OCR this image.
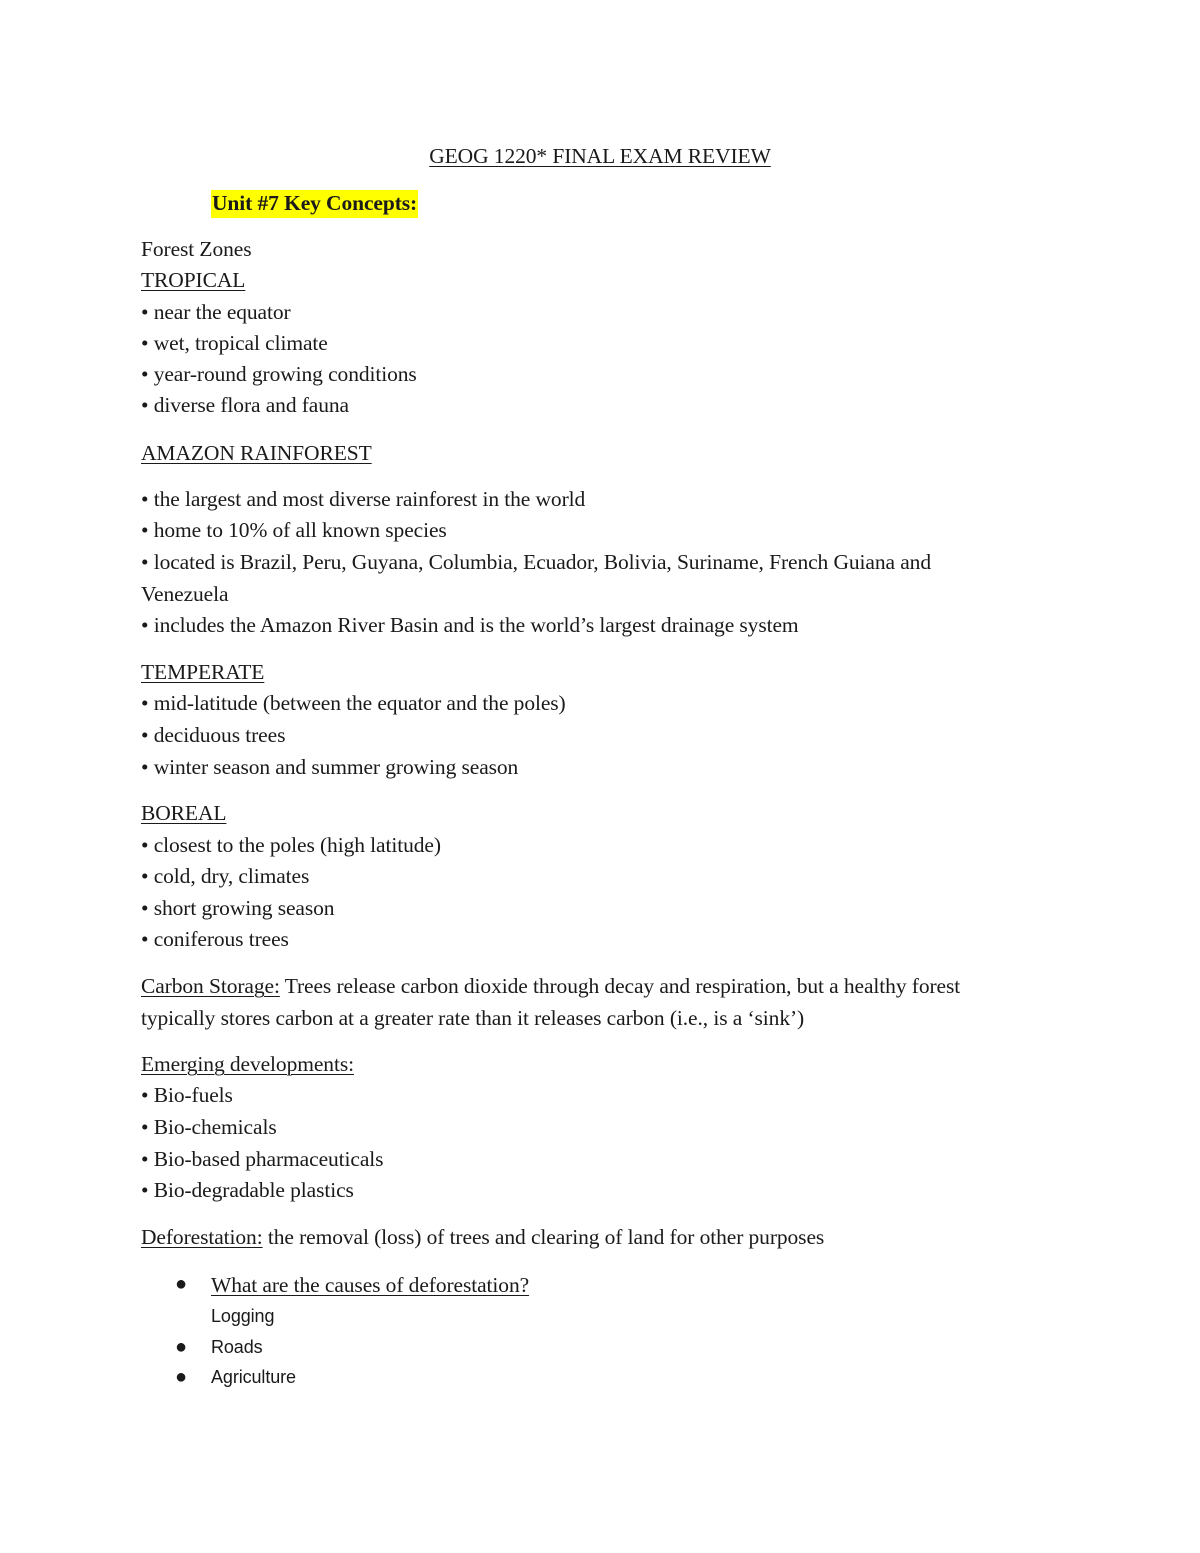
GEOG 1220* FINAL EXAM REVIEW
Unit #7 Key Concepts:
Forest Zones
TROPICAL
• near the equator
• wet, tropical climate
• year-round growing conditions
• diverse flora and fauna
AMAZON RAINFOREST
• the largest and most diverse rainforest in the world
• home to 10% of all known species
• located is Brazil, Peru, Guyana, Columbia, Ecuador, Bolivia, Suriname, French Guiana and
Venezuela
• includes the Amazon River Basin and is the world’s largest drainage system
TEMPERATE
• mid-latitude (between the equator and the poles)
• deciduous trees
• winter season and summer growing season
BOREAL
• closest to the poles (high latitude)
• cold, dry, climates
• short growing season
• coniferous trees
Carbon Storage: Trees release carbon dioxide through decay and respiration, but a healthy forest
typically stores carbon at a greater rate than it releases carbon (i.e., is a ‘sink’)
Emerging developments:
• Bio-fuels
• Bio-chemicals
• Bio-based pharmaceuticals
• Bio-degradable plastics
Deforestation: the removal (loss) of trees and clearing of land for other purposes
● What are the causes of deforestation?
Logging
● Roads
● Agriculture
